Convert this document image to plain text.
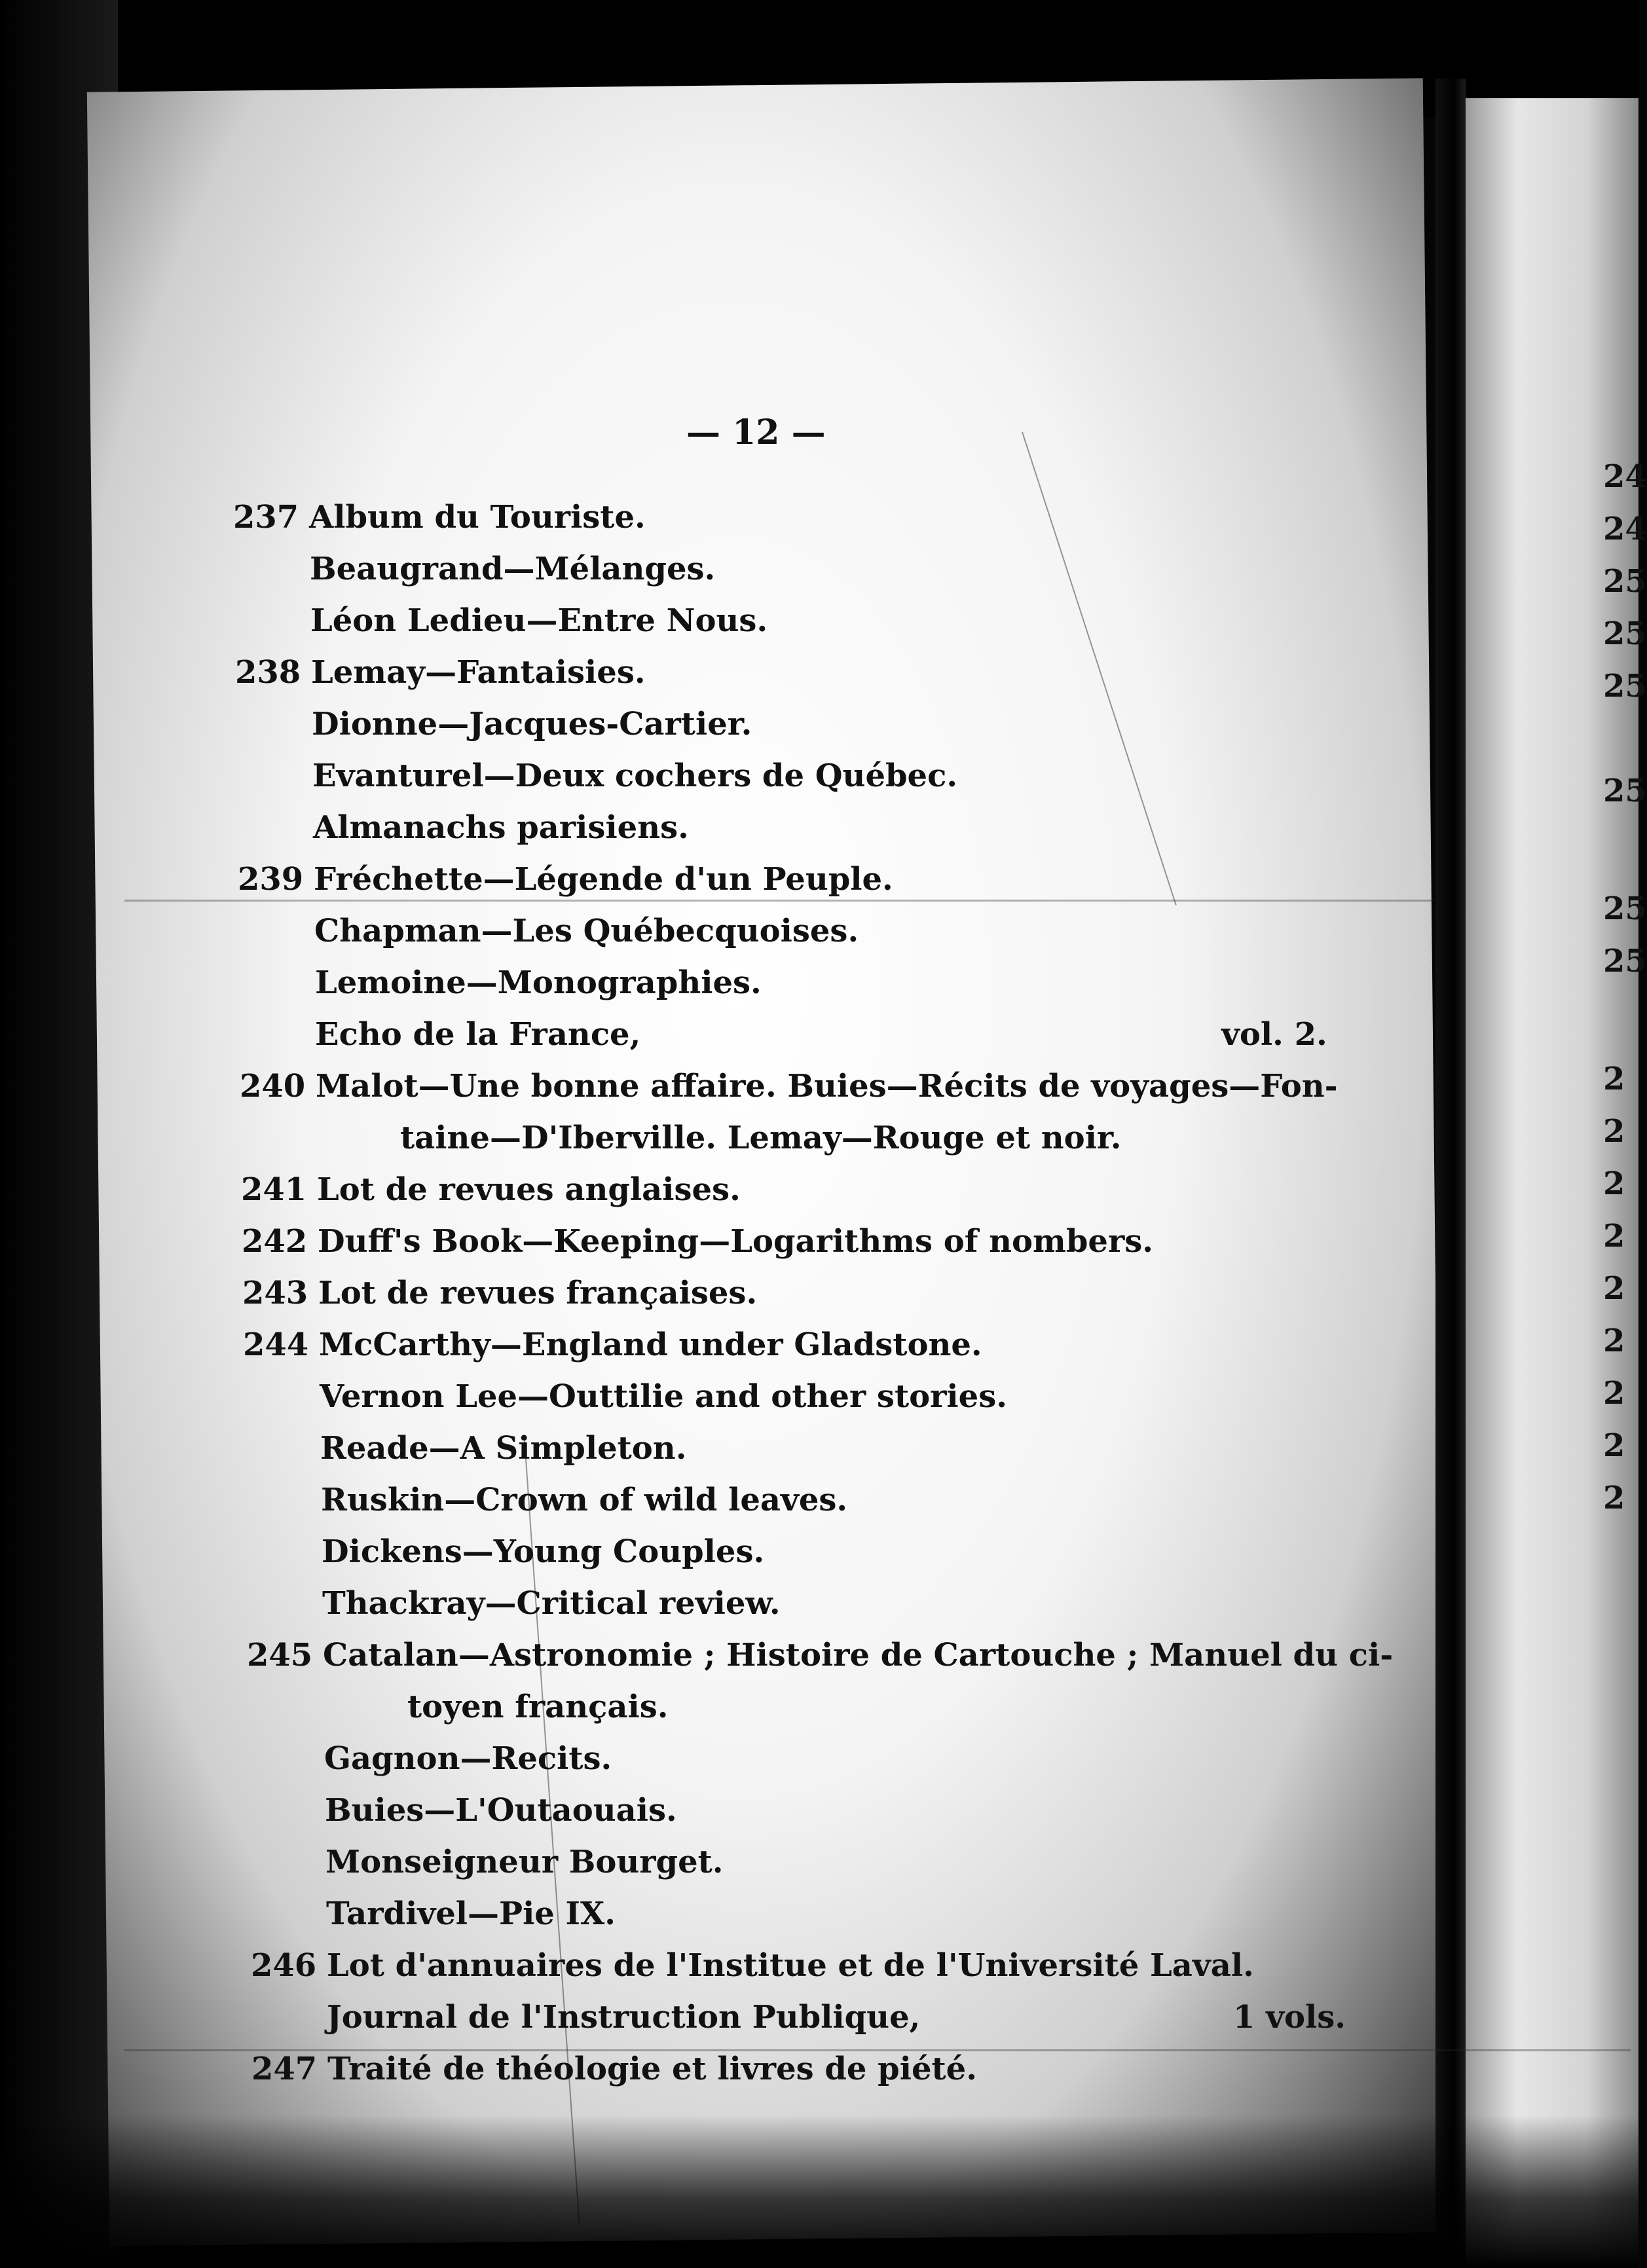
24
24
25
25
25
25
25
25
2
2
2
2
2
2
2
2
2
— 12 —
237 Album du Touriste.
Beaugrand—Mélanges.
Léon Ledieu—Entre Nous.
238 Lemay—Fantaisies.
Dionne—Jacques-Cartier.
Evanturel—Deux cochers de Québec.
Almanachs parisiens.
239 Fréchette—Légende d'un Peuple.
Chapman—Les Québecquoises.
Lemoine—Monographies.
Echo de la France,	vol. 2.
240 Malot—Une bonne affaire. Buies—Récits de voyages—Fon-
taine—D'Iberville. Lemay—Rouge et noir.
241 Lot de revues anglaises.
242 Duff's Book—Keeping—Logarithms of nombers.
243 Lot de revues françaises.
244 McCarthy—England under Gladstone.
Vernon Lee—Outtilie and other stories.
Reade—A Simpleton.
Ruskin—Crown of wild leaves.
Dickens—Young Couples.
Thackray—Critical review.
245 Catalan—Astronomie ; Histoire de Cartouche ; Manuel du ci-
toyen français.
Gagnon—Recits.
Buies—L'Outaouais.
Monseigneur Bourget.
Tardivel—Pie IX.
246 Lot d'annuaires de l'Institue et de l'Université Laval.
Journal de l'Instruction Publique,	1 vols.
247 Traité de théologie et livres de piété.
